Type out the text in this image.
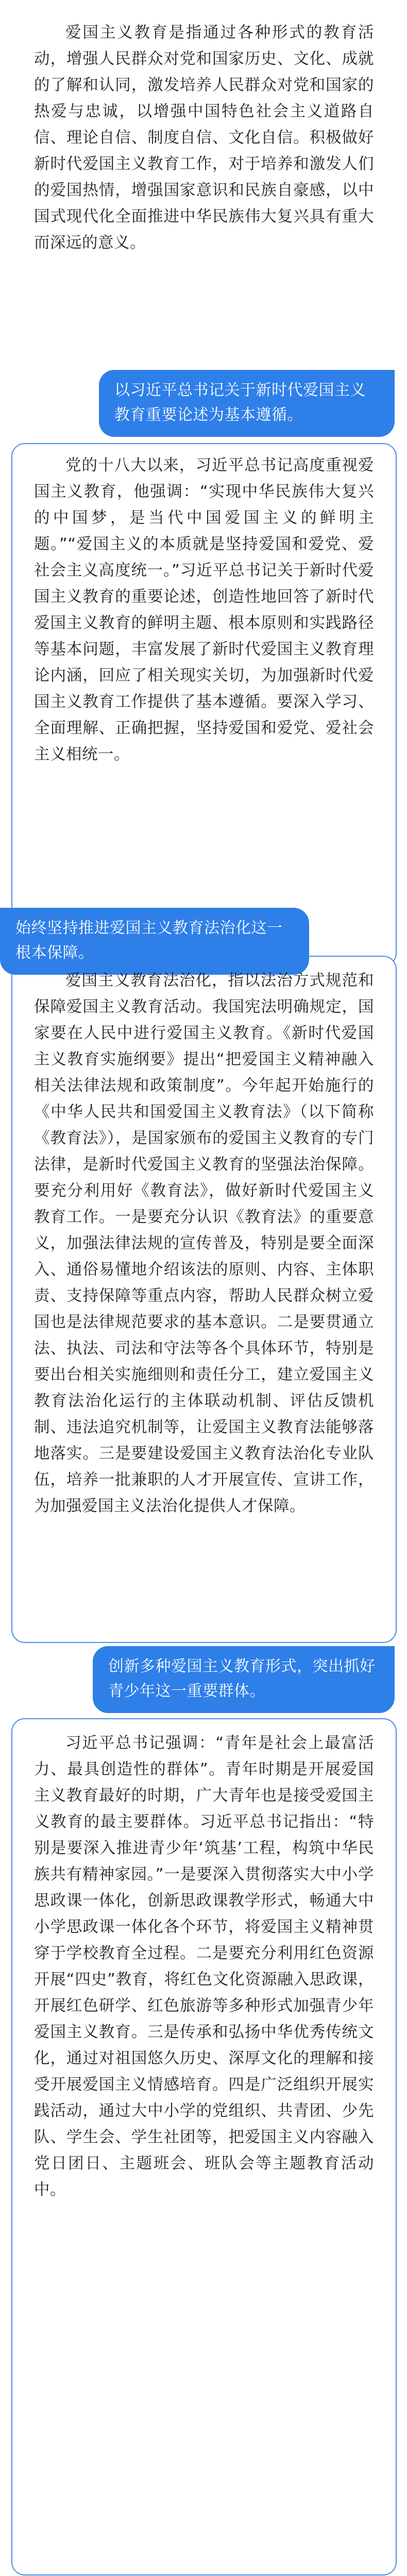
爱国主义教育是指通过各种形式的教育活动，增强人民群众对党和国家历史、文化、成就的了解和认同，激发培养人民群众对党和国家的热爱与忠诚，以增强中国特色社会主义道路自信、理论自信、制度自信、文化自信。积极做好新时代爱国主义教育工作，对于培养和激发人们的爱国热情，增强国家意识和民族自豪感，以中国式现代化全面推进中华民族伟大复兴具有重大而深远的意义。

以习近平总书记关于新时代爱国主义教育重要论述为基本遵循。

党的十八大以来，习近平总书记高度重视爱国主义教育，他强调：“实现中华民族伟大复兴的中国梦，是当代中国爱国主义的鲜明主题。”“爱国主义的本质就是坚持爱国和爱党、爱社会主义高度统一。”习近平总书记关于新时代爱国主义教育的重要论述，创造性地回答了新时代爱国主义教育的鲜明主题、根本原则和实践路径等基本问题，丰富发展了新时代爱国主义教育理论内涵，回应了相关现实关切，为加强新时代爱国主义教育工作提供了基本遵循。要深入学习、全面理解、正确把握，坚持爱国和爱党、爱社会主义相统一。

始终坚持推进爱国主义教育法治化这一根本保障。

爱国主义教育法治化，指以法治方式规范和保障爱国主义教育活动。我国宪法明确规定，国家要在人民中进行爱国主义教育。《新时代爱国主义教育实施纲要》提出“把爱国主义精神融入相关法律法规和政策制度”。今年起开始施行的《中华人民共和国爱国主义教育法》（以下简称《教育法》），是国家颁布的爱国主义教育的专门法律，是新时代爱国主义教育的坚强法治保障。要充分利用好《教育法》，做好新时代爱国主义教育工作。一是要充分认识《教育法》的重要意义，加强法律法规的宣传普及，特别是要全面深入、通俗易懂地介绍该法的原则、内容、主体职责、支持保障等重点内容，帮助人民群众树立爱国也是法律规范要求的基本意识。二是要贯通立法、执法、司法和守法等各个具体环节，特别是要出台相关实施细则和责任分工，建立爱国主义教育法治化运行的主体联动机制、评估反馈机制、违法追究机制等，让爱国主义教育法能够落地落实。三是要建设爱国主义教育法治化专业队伍，培养一批兼职的人才开展宣传、宣讲工作，为加强爱国主义法治化提供人才保障。

创新多种爱国主义教育形式，突出抓好青少年这一重要群体。

习近平总书记强调：“青年是社会上最富活力、最具创造性的群体”。青年时期是开展爱国主义教育最好的时期，广大青年也是接受爱国主义教育的最主要群体。习近平总书记指出：“特别是要深入推进青少年‘筑基’工程，构筑中华民族共有精神家园。”一是要深入贯彻落实大中小学思政课一体化，创新思政课教学形式，畅通大中小学思政课一体化各个环节，将爱国主义精神贯穿于学校教育全过程。二是要充分利用红色资源开展“四史”教育，将红色文化资源融入思政课，开展红色研学、红色旅游等多种形式加强青少年爱国主义教育。三是传承和弘扬中华优秀传统文化，通过对祖国悠久历史、深厚文化的理解和接受开展爱国主义情感培育。四是广泛组织开展实践活动，通过大中小学的党组织、共青团、少先队、学生会、学生社团等，把爱国主义内容融入党日团日、主题班会、班队会等主题教育活动中。
